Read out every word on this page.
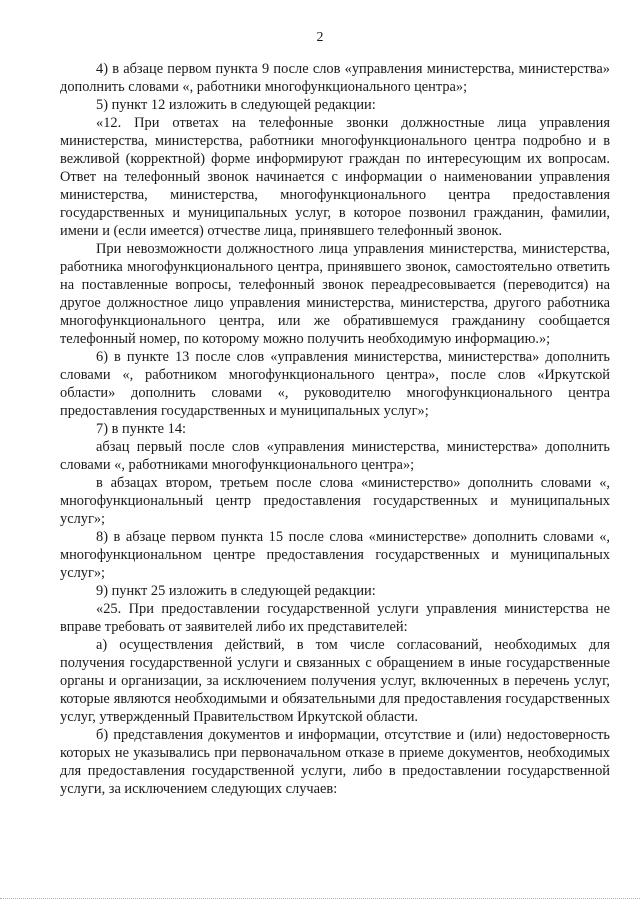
2

4) в абзаце первом пункта 9 после слов «управления министерства, министерства» дополнить словами «, работники многофункционального центра»;

5) пункт 12 изложить в следующей редакции:

«12. При ответах на телефонные звонки должностные лица управления министерства, министерства, работники многофункционального центра подробно и в вежливой (корректной) форме информируют граждан по интересующим их вопросам. Ответ на телефонный звонок начинается с информации о наименовании управления министерства, министерства, многофункционального центра предоставления государственных и муниципальных услуг, в которое позвонил гражданин, фамилии, имени и (если имеется) отчестве лица, принявшего телефонный звонок.

При невозможности должностного лица управления министерства, министерства, работника многофункционального центра, принявшего звонок, самостоятельно ответить на поставленные вопросы, телефонный звонок переадресовывается (переводится) на другое должностное лицо управления министерства, министерства, другого работника многофункционального центра, или же обратившемуся гражданину сообщается телефонный номер, по которому можно получить необходимую информацию.»;

6) в пункте 13 после слов «управления министерства, министерства» дополнить словами «, работником многофункционального центра», после слов «Иркутской области» дополнить словами «, руководителю многофункционального центра предоставления государственных и муниципальных услуг»;

7) в пункте 14:

абзац первый после слов «управления министерства, министерства» дополнить словами «, работниками многофункционального центра»;

в абзацах втором, третьем после слова «министерство» дополнить словами «, многофункциональный центр предоставления государственных и муниципальных услуг»;

8) в абзаце первом пункта 15 после слова «министерстве» дополнить словами «, многофункциональном центре предоставления государственных и муниципальных услуг»;

9) пункт 25 изложить в следующей редакции:

«25. При предоставлении государственной услуги управления министерства не вправе требовать от заявителей либо их представителей:

а) осуществления действий, в том числе согласований, необходимых для получения государственной услуги и связанных с обращением в иные государственные органы и организации, за исключением получения услуг, включенных в перечень услуг, которые являются необходимыми и обязательными для предоставления государственных услуг, утвержденный Правительством Иркутской области.

б) представления документов и информации, отсутствие и (или) недостоверность которых не указывались при первоначальном отказе в приеме документов, необходимых для предоставления государственной услуги, либо в предоставлении государственной услуги, за исключением следующих случаев:
